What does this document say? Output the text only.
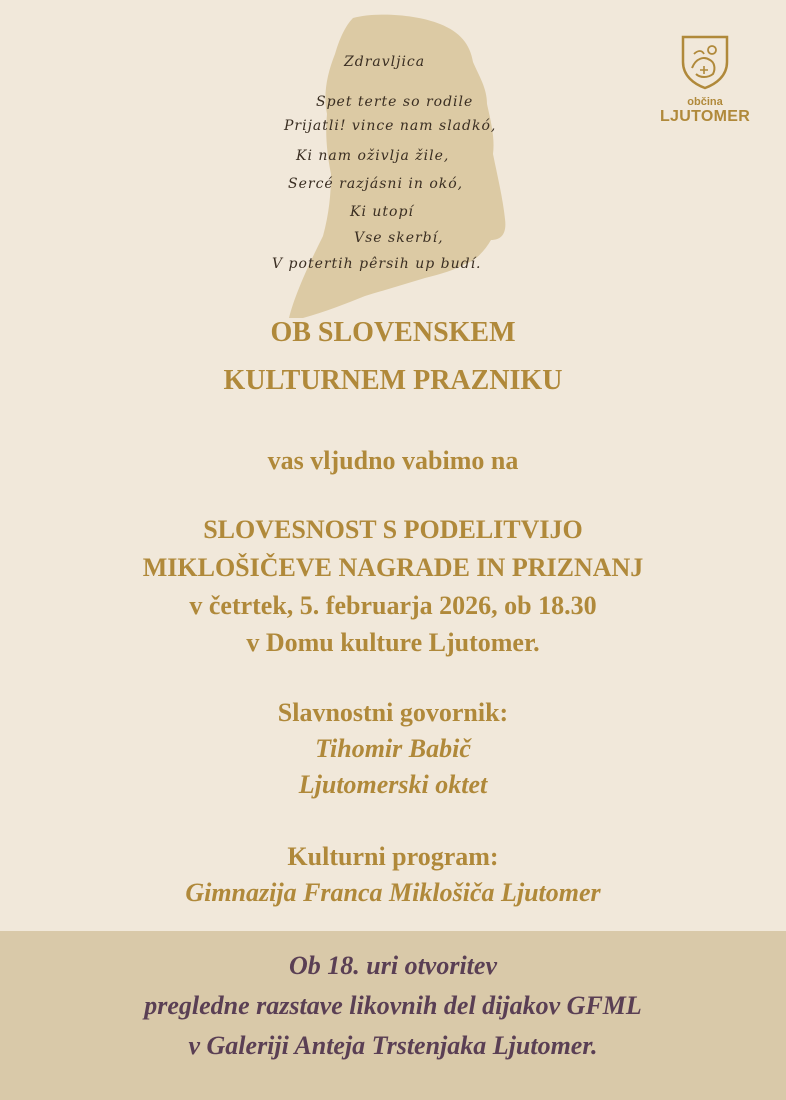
Zdravljica
Spet terte so rodile
Prijatli! vince nam sladkó,
Ki nam oživlja žile,
Sercé razjásni in okó,
Ki utopí
Vse skerbí,
V potertih pêrsih up budí.
občina
LJUTOMER
OB SLOVENSKEM
KULTURNEM PRAZNIKU
vas vljudno vabimo na
SLOVESNOST S PODELITVIJO
MIKLOŠIČEVE NAGRADE IN PRIZNANJ
v četrtek, 5. februarja 2026, ob 18.30
v Domu kulture Ljutomer.
Slavnostni govornik:
Tihomir Babič
Ljutomerski oktet
Kulturni program:
Gimnazija Franca Miklošiča Ljutomer
Ob 18. uri otvoritev
pregledne razstave likovnih del dijakov GFML
v Galeriji Anteja Trstenjaka Ljutomer.
